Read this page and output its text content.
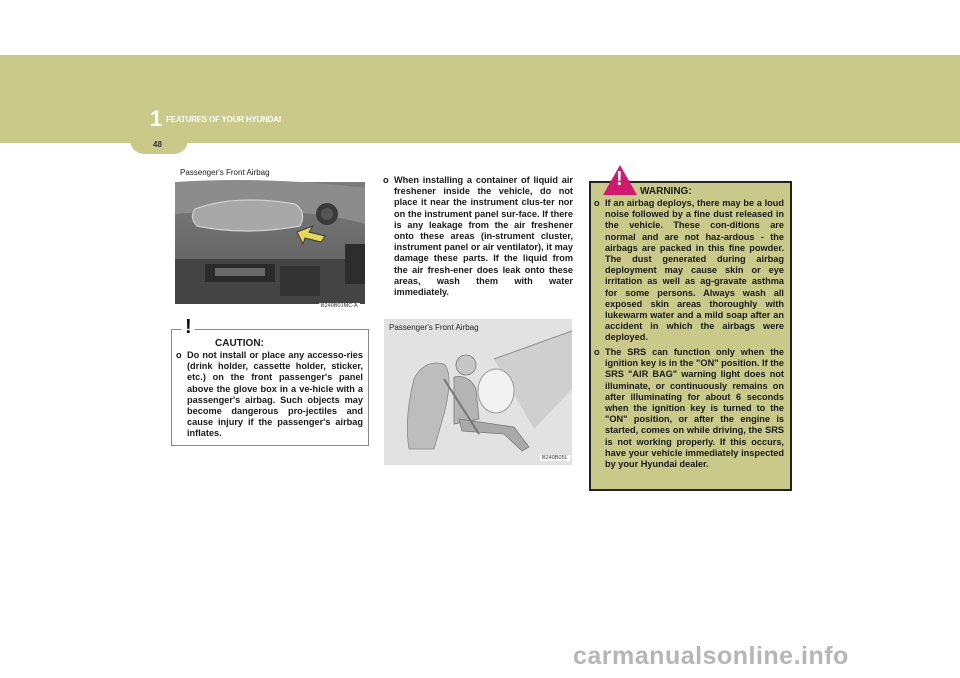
1 FEATURES OF YOUR HYUNDAI
48
Passenger's Front Airbag
B240B01MC-A
!
CAUTION:
o Do not install or place any accesso-ries (drink holder, cassette holder, sticker, etc.) on the front passenger's panel above the glove box in a ve-hicle with a passenger's airbag. Such objects may become dangerous pro-jectiles and cause injury if the passenger's airbag inflates.
o When installing a container of liquid air freshener inside the vehicle, do not place it near the instrument clus-ter nor on the instrument panel sur-face. If there is any leakage from the air freshener onto these areas (in-strument cluster, instrument panel or air ventilator), it may damage these parts. If the liquid from the air fresh-ener does leak onto these areas, wash them with water immediately.
Passenger's Front Airbag
B240B05L
!
WARNING:
o If an airbag deploys, there may be a loud noise followed by a fine dust released in the vehicle. These con-ditions are normal and are not haz-ardous - the airbags are packed in this fine powder. The dust generated during airbag deployment may cause skin or eye irritation as well as ag-gravate asthma for some persons. Always wash all exposed skin areas thoroughly with lukewarm water and a mild soap after an accident in which the airbags were deployed.
o The SRS can function only when the ignition key is in the "ON" position. If the SRS "AIR BAG" warning light does not illuminate, or continuously remains on after illuminating for about 6 seconds when the ignition key is turned to the "ON" position, or after the engine is started, comes on while driving, the SRS is not working properly. If this occurs, have your vehicle immediately inspected by your Hyundai dealer.
carmanualsonline.info
